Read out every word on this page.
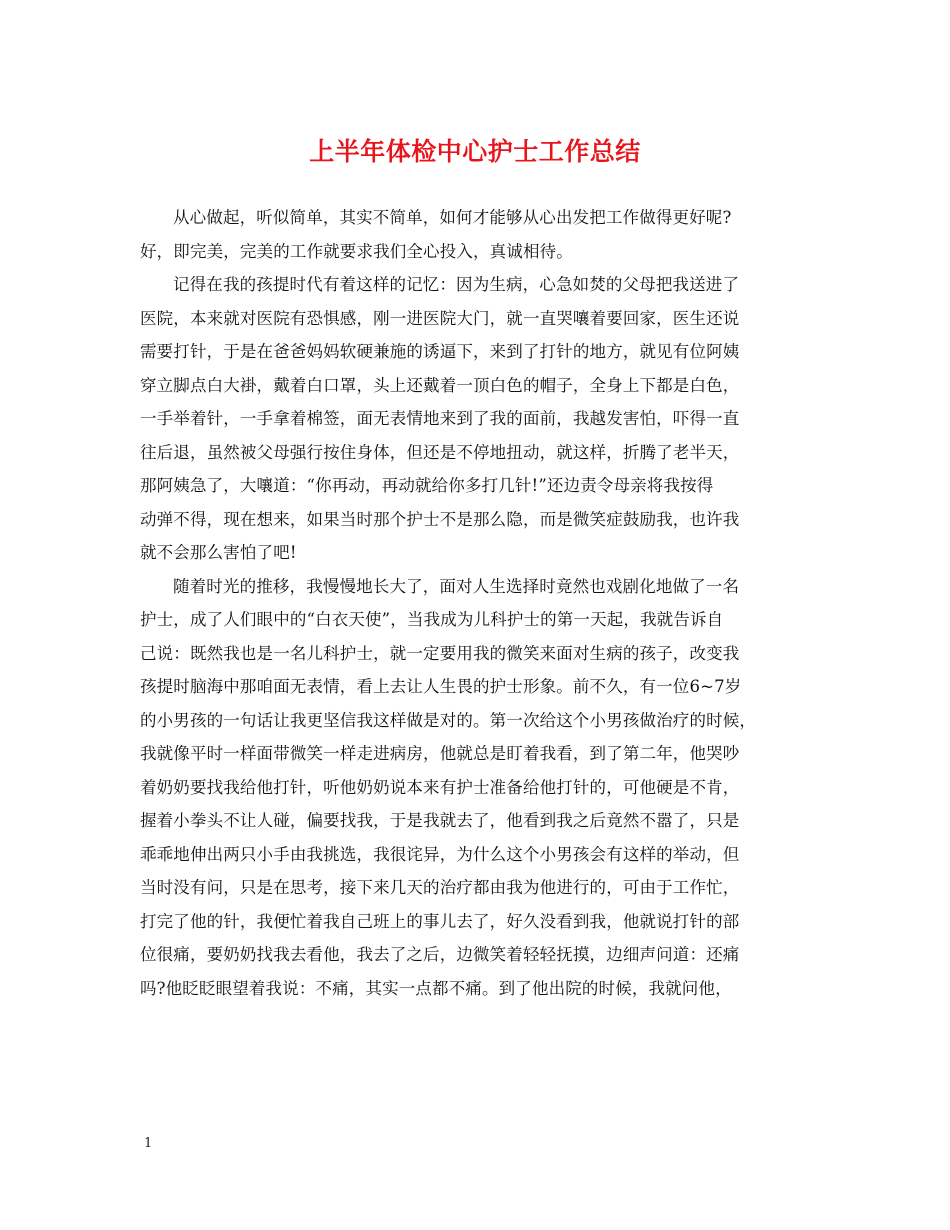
上半年体检中心护士工作总结
从心做起，听似简单，其实不简单，如何才能够从心出发把工作做得更好呢?
好，即完美，完美的工作就要求我们全心投入，真诚相待。
记得在我的孩提时代有着这样的记忆：因为生病，心急如焚的父母把我送进了
医院，本来就对医院有恐惧感，刚一进医院大门，就一直哭嚷着要回家，医生还说
需要打针，于是在爸爸妈妈软硬兼施的诱逼下，来到了打针的地方，就见有位阿姨
穿立脚点白大褂，戴着白口罩，头上还戴着一顶白色的帽子，全身上下都是白色，
一手举着针，一手拿着棉签，面无表情地来到了我的面前，我越发害怕，吓得一直
往后退，虽然被父母强行按住身体，但还是不停地扭动，就这样，折腾了老半天，
那阿姨急了，大嚷道：“你再动，再动就给你多打几针!”还边责令母亲将我按得
动弹不得，现在想来，如果当时那个护士不是那么隐，而是微笑症鼓励我，也许我
就不会那么害怕了吧!
随着时光的推移，我慢慢地长大了，面对人生选择时竟然也戏剧化地做了一名
护士，成了人们眼中的“白衣天使”，当我成为儿科护士的第一天起，我就告诉自
己说：既然我也是一名儿科护士，就一定要用我的微笑来面对生病的孩子，改变我
孩提时脑海中那咱面无表情，看上去让人生畏的护士形象。前不久，有一位6~7岁
的小男孩的一句话让我更坚信我这样做是对的。第一次给这个小男孩做治疗的时候，
我就像平时一样面带微笑一样走进病房，他就总是盯着我看，到了第二年，他哭吵
着奶奶要找我给他打针，听他奶奶说本来有护士准备给他打针的，可他硬是不肯，
握着小拳头不让人碰，偏要找我，于是我就去了，他看到我之后竟然不嚣了，只是
乖乖地伸出两只小手由我挑选，我很诧异，为什么这个小男孩会有这样的举动，但
当时没有问，只是在思考，接下来几天的治疗都由我为他进行的，可由于工作忙，
打完了他的针，我便忙着我自己班上的事儿去了，好久没看到我，他就说打针的部
位很痛，要奶奶找我去看他，我去了之后，边微笑着轻轻抚摸，边细声问道：还痛
吗?他眨眨眼望着我说：不痛，其实一点都不痛。到了他出院的时候，我就问他，
1
